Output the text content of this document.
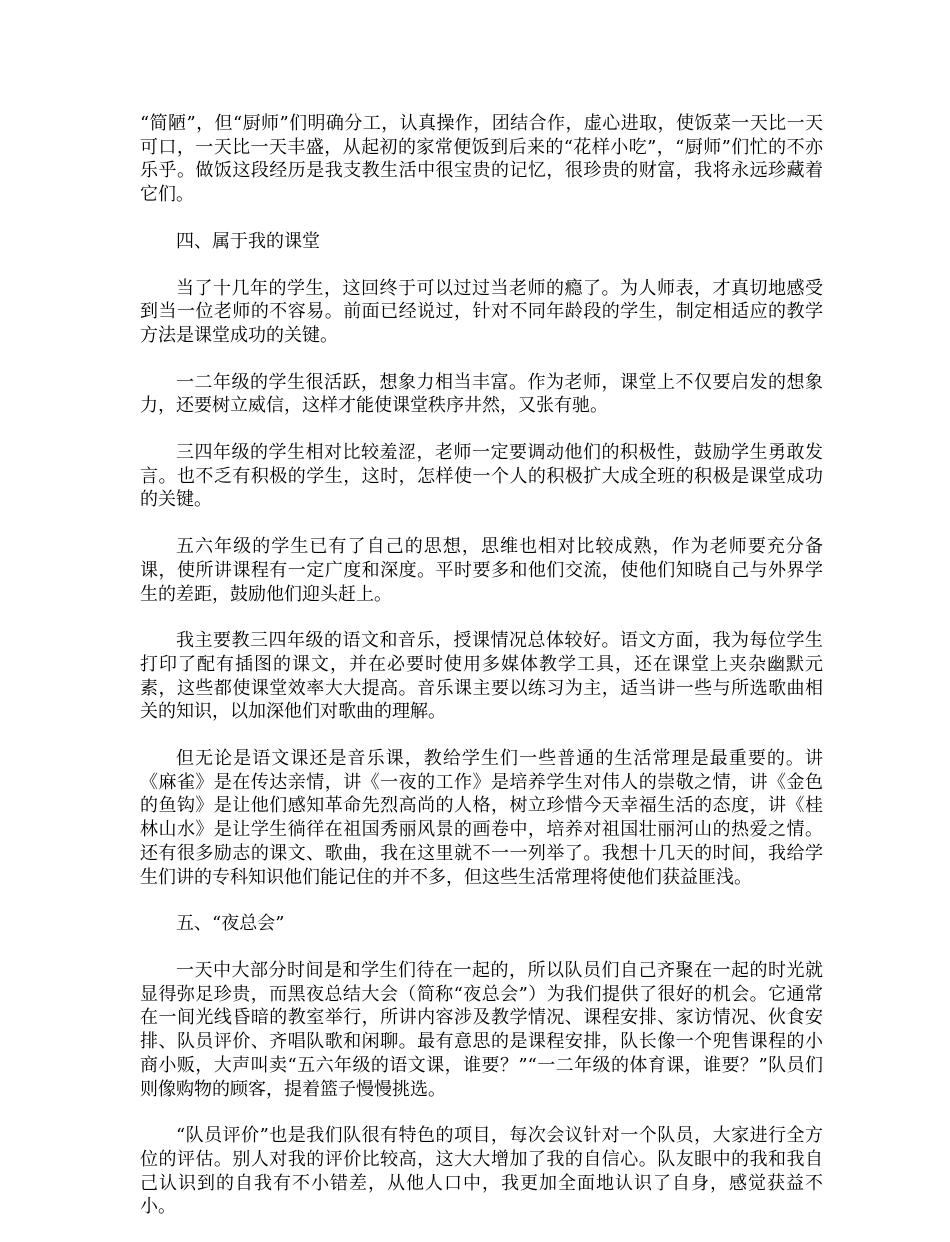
“简陋”，但“厨师”们明确分工，认真操作，团结合作，虚心进取，使饭菜一天比一天可口，一天比一天丰盛，从起初的家常便饭到后来的“花样小吃”，“厨师”们忙的不亦乐乎。做饭这段经历是我支教生活中很宝贵的记忆，很珍贵的财富，我将永远珍藏着它们。

四、属于我的课堂

当了十几年的学生，这回终于可以过过当老师的瘾了。为人师表，才真切地感受到当一位老师的不容易。前面已经说过，针对不同年龄段的学生，制定相适应的教学方法是课堂成功的关键。

一二年级的学生很活跃，想象力相当丰富。作为老师，课堂上不仅要启发的想象力，还要树立威信，这样才能使课堂秩序井然，又张有驰。

三四年级的学生相对比较羞涩，老师一定要调动他们的积极性，鼓励学生勇敢发言。也不乏有积极的学生，这时，怎样使一个人的积极扩大成全班的积极是课堂成功的关键。

五六年级的学生已有了自己的思想，思维也相对比较成熟，作为老师要充分备课，使所讲课程有一定广度和深度。平时要多和他们交流，使他们知晓自己与外界学生的差距，鼓励他们迎头赶上。

我主要教三四年级的语文和音乐，授课情况总体较好。语文方面，我为每位学生打印了配有插图的课文，并在必要时使用多媒体教学工具，还在课堂上夹杂幽默元素，这些都使课堂效率大大提高。音乐课主要以练习为主，适当讲一些与所选歌曲相关的知识，以加深他们对歌曲的理解。

但无论是语文课还是音乐课，教给学生们一些普通的生活常理是最重要的。讲《麻雀》是在传达亲情，讲《一夜的工作》是培养学生对伟人的崇敬之情，讲《金色的鱼钩》是让他们感知革命先烈高尚的人格，树立珍惜今天幸福生活的态度，讲《桂林山水》是让学生徜徉在祖国秀丽风景的画卷中，培养对祖国壮丽河山的热爱之情。还有很多励志的课文、歌曲，我在这里就不一一列举了。我想十几天的时间，我给学生们讲的专科知识他们能记住的并不多，但这些生活常理将使他们获益匪浅。

五、“夜总会”

一天中大部分时间是和学生们待在一起的，所以队员们自己齐聚在一起的时光就显得弥足珍贵，而黑夜总结大会（简称“夜总会”）为我们提供了很好的机会。它通常在一间光线昏暗的教室举行，所讲内容涉及教学情况、课程安排、家访情况、伙食安排、队员评价、齐唱队歌和闲聊。最有意思的是课程安排，队长像一个兜售课程的小商小贩，大声叫卖“五六年级的语文课，谁要？”“一二年级的体育课，谁要？”队员们则像购物的顾客，提着篮子慢慢挑选。

“队员评价”也是我们队很有特色的项目，每次会议针对一个队员，大家进行全方位的评估。别人对我的评价比较高，这大大增加了我的自信心。队友眼中的我和我自己认识到的自我有不小错差，从他人口中，我更加全面地认识了自身，感觉获益不小。
